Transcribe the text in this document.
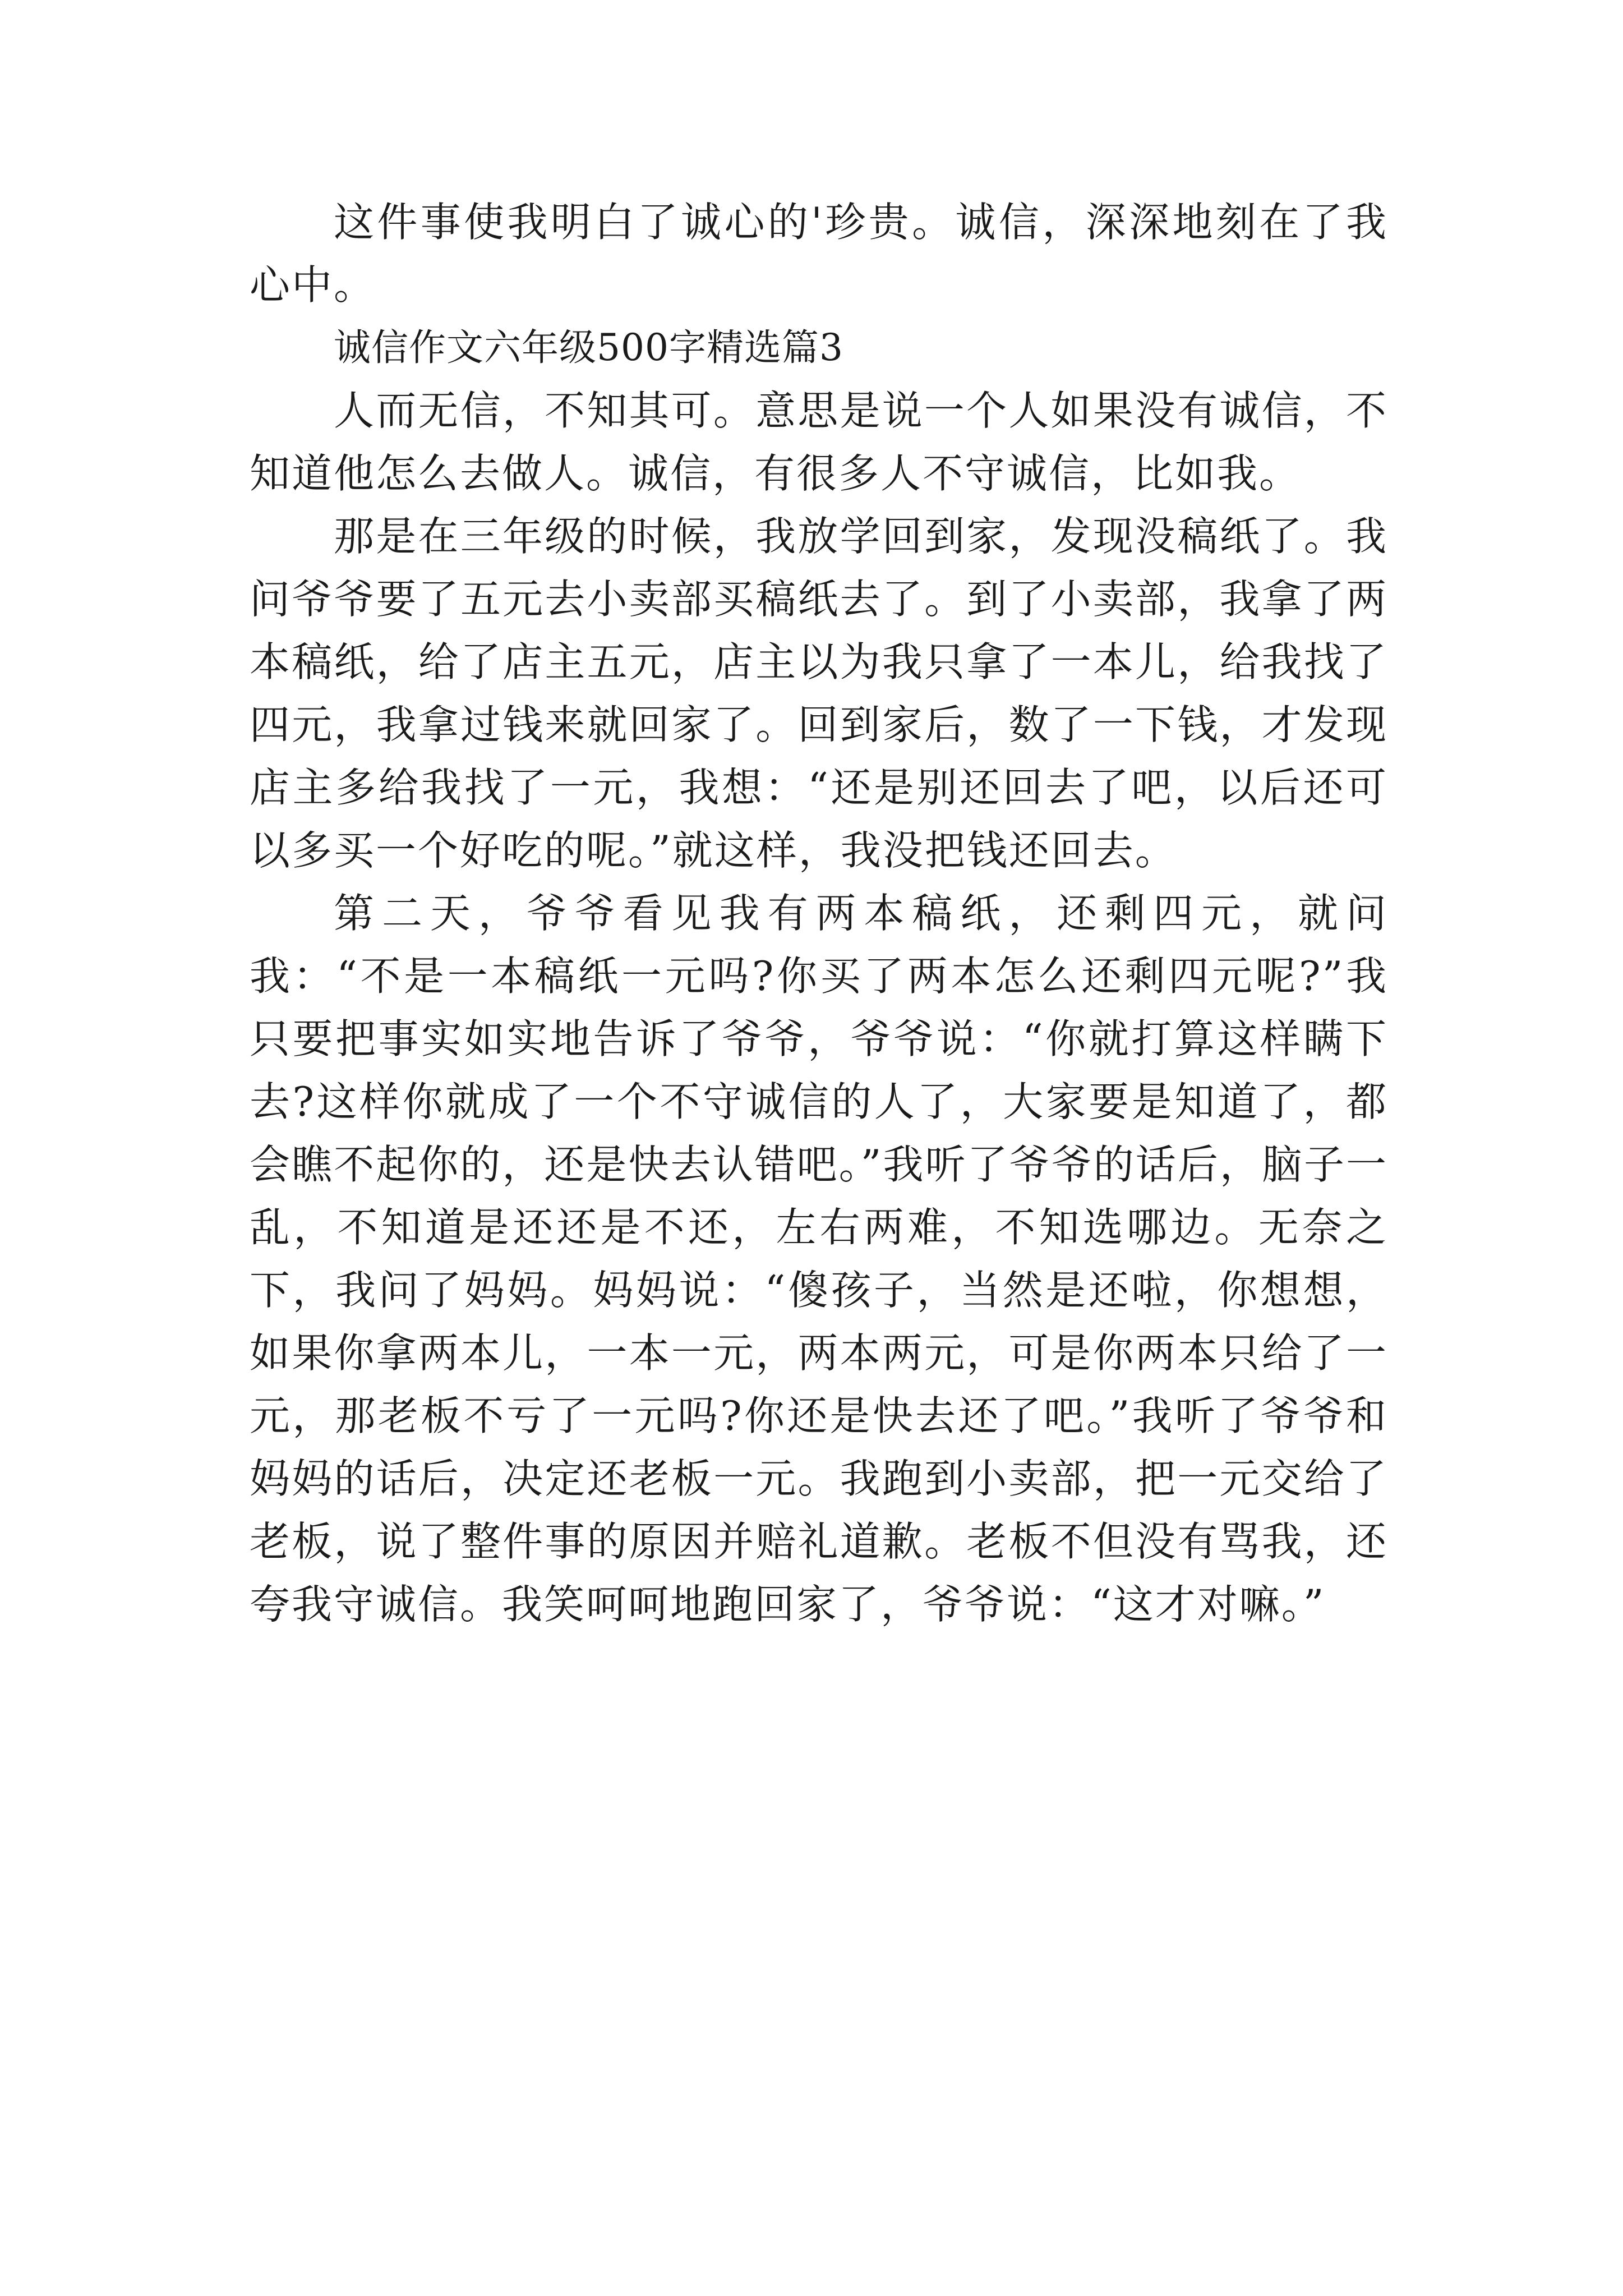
这件事使我明白了诚心的'珍贵。诚信，深深地刻在了我心中。

诚信作文六年级500字精选篇3

人而无信，不知其可。意思是说一个人如果没有诚信，不知道他怎么去做人。诚信，有很多人不守诚信，比如我。

那是在三年级的时候，我放学回到家，发现没稿纸了。我问爷爷要了五元去小卖部买稿纸去了。到了小卖部，我拿了两本稿纸，给了店主五元，店主以为我只拿了一本儿，给我找了四元，我拿过钱来就回家了。回到家后，数了一下钱，才发现店主多给我找了一元，我想：“还是别还回去了吧，以后还可以多买一个好吃的呢。”就这样，我没把钱还回去。

第二天，爷爷看见我有两本稿纸，还剩四元，就问我：“不是一本稿纸一元吗?你买了两本怎么还剩四元呢?”我只要把事实如实地告诉了爷爷，爷爷说：“你就打算这样瞒下去?这样你就成了一个不守诚信的人了，大家要是知道了，都会瞧不起你的，还是快去认错吧。”我听了爷爷的话后，脑子一乱，不知道是还还是不还，左右两难，不知选哪边。无奈之下，我问了妈妈。妈妈说：“傻孩子，当然是还啦，你想想，如果你拿两本儿，一本一元，两本两元，可是你两本只给了一元，那老板不亏了一元吗?你还是快去还了吧。”我听了爷爷和妈妈的话后，决定还老板一元。我跑到小卖部，把一元交给了老板，说了整件事的原因并赔礼道歉。老板不但没有骂我，还夸我守诚信。我笑呵呵地跑回家了，爷爷说：“这才对嘛。”
